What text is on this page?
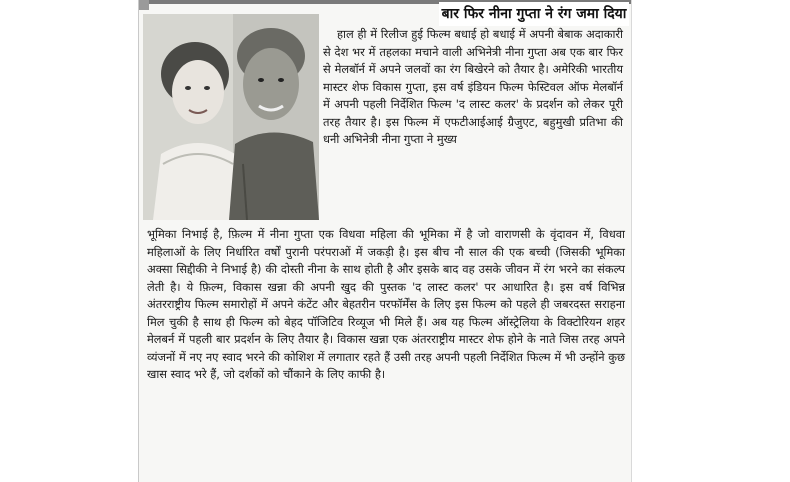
बार फिर नीना गुप्ता ने रंग जमा दिया

हाल ही में रिलीज हुई फिल्म बधाई हो बधाई में अपनी बेबाक अदाकारी से देश भर में तहलका मचाने वाली अभिनेत्री नीना गुप्ता अब एक बार फिर से मेलबॉर्न में अपने जलवों का रंग बिखेरने को तैयार है। अमेरिकी भारतीय मास्टर शेफ विकास गुप्ता, इस वर्ष इंडियन फिल्म फेस्टिवल ऑफ मेलबॉर्न में अपनी पहली निर्देशित फिल्म 'द लास्ट कलर' के प्रदर्शन को लेकर पूरी तरह तैयार है। इस फिल्म में एफटीआईआई ग्रैजुएट, बहुमुखी प्रतिभा की धनी अभिनेत्री नीना गुप्ता ने मुख्य

भूमिका निभाई है, फ़िल्म में नीना गुप्ता एक विधवा महिला की भूमिका में है जो वाराणसी के वृंदावन में, विधवा महिलाओं के लिए निर्धारित वर्षों पुरानी परंपराओं में जकड़ी है। इस बीच नौ साल की एक बच्ची (जिसकी भूमिका अक्सा सिद्दीकी ने निभाई है) की दोस्ती नीना के साथ होती है और इसके बाद वह उसके जीवन में रंग भरने का संकल्प लेती है। ये फ़िल्म, विकास खन्ना की अपनी खुद की पुस्तक 'द लास्ट कलर' पर आधारित है। इस वर्ष विभिन्न अंतरराष्ट्रीय फिल्म समारोहों में अपने कंटेंट और बेहतरीन परफॉर्मेंस के लिए इस फिल्म को पहले ही जबरदस्त सराहना मिल चुकी है साथ ही फिल्म को बेहद पॉजिटिव रिव्यूज भी मिले हैं। अब यह फिल्म ऑस्ट्रेलिया के विक्टोरियन शहर मेलबर्न में पहली बार प्रदर्शन के लिए तैयार है। विकास खन्ना एक अंतरराष्ट्रीय मास्टर शेफ होने के नाते जिस तरह अपने व्यंजनों में नए नए स्वाद भरने की कोशिश में लगातार रहते हैं उसी तरह अपनी पहली निर्देशित फिल्म में भी उन्होंने कुछ खास स्वाद भरे हैं, जो दर्शकों को चौंकाने के लिए काफी है।
